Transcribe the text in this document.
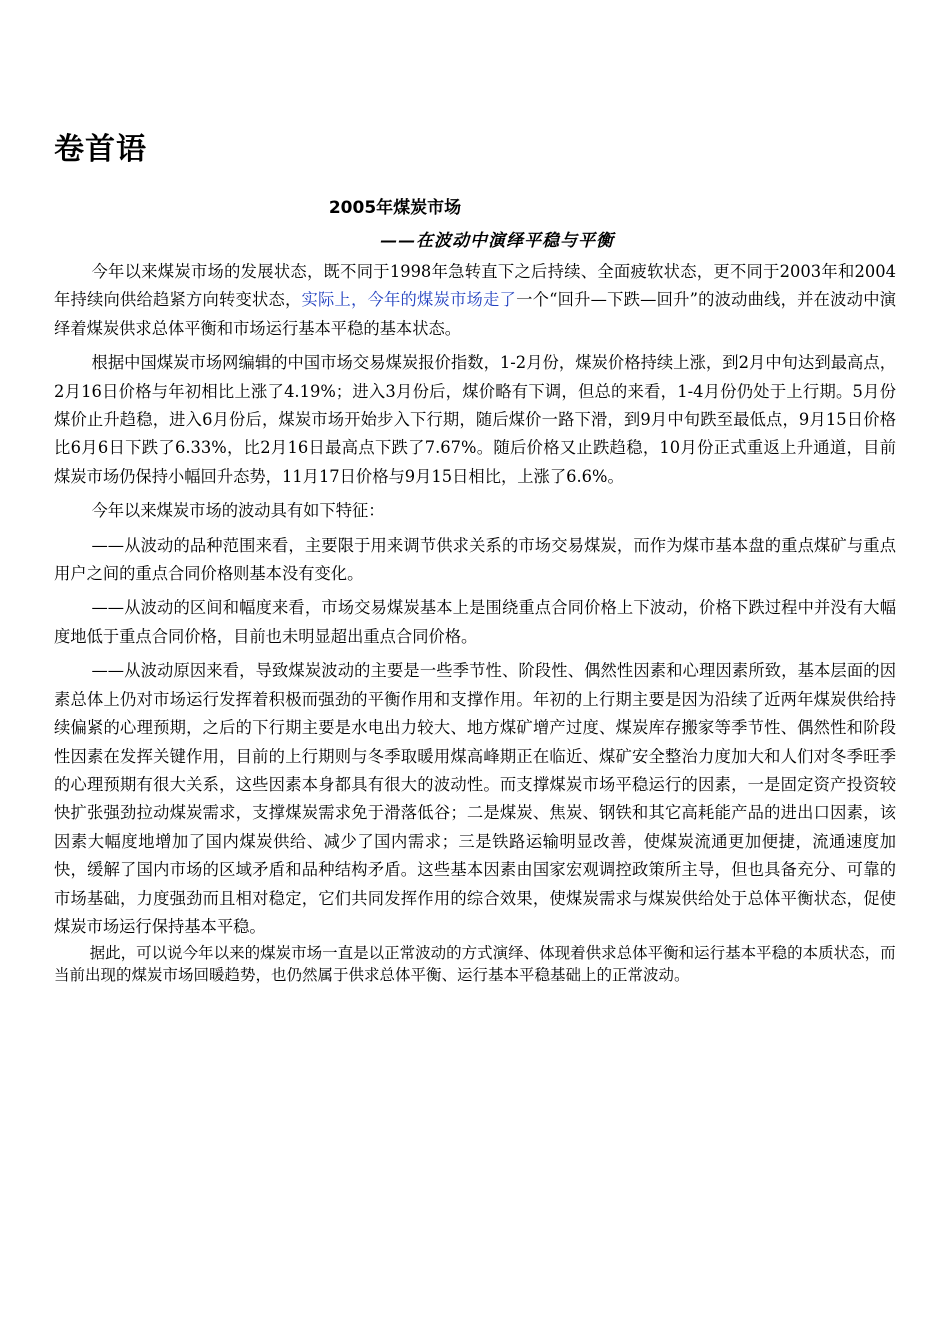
卷首语
2005年煤炭市场
——在波动中演绎平稳与平衡

今年以来煤炭市场的发展状态，既不同于1998年急转直下之后持续、全面疲软状态，更不同于2003年和2004年持续向供给趋紧方向转变状态，实际上，今年的煤炭市场走了一个“回升—下跌—回升”的波动曲线，并在波动中演绎着煤炭供求总体平衡和市场运行基本平稳的基本状态。

根据中国煤炭市场网编辑的中国市场交易煤炭报价指数，1-2月份，煤炭价格持续上涨，到2月中旬达到最高点，2月16日价格与年初相比上涨了4.19%；进入3月份后，煤价略有下调，但总的来看，1-4月份仍处于上行期。5月份煤价止升趋稳，进入6月份后，煤炭市场开始步入下行期，随后煤价一路下滑，到9月中旬跌至最低点，9月15日价格比6月6日下跌了6.33%，比2月16日最高点下跌了7.67%。随后价格又止跌趋稳，10月份正式重返上升通道，目前煤炭市场仍保持小幅回升态势，11月17日价格与9月15日相比，上涨了6.6%。

今年以来煤炭市场的波动具有如下特征：

——从波动的品种范围来看，主要限于用来调节供求关系的市场交易煤炭，而作为煤市基本盘的重点煤矿与重点用户之间的重点合同价格则基本没有变化。

——从波动的区间和幅度来看，市场交易煤炭基本上是围绕重点合同价格上下波动，价格下跌过程中并没有大幅度地低于重点合同价格，目前也未明显超出重点合同价格。

——从波动原因来看，导致煤炭波动的主要是一些季节性、阶段性、偶然性因素和心理因素所致，基本层面的因素总体上仍对市场运行发挥着积极而强劲的平衡作用和支撑作用。年初的上行期主要是因为沿续了近两年煤炭供给持续偏紧的心理预期，之后的下行期主要是水电出力较大、地方煤矿增产过度、煤炭库存搬家等季节性、偶然性和阶段性因素在发挥关键作用，目前的上行期则与冬季取暖用煤高峰期正在临近、煤矿安全整治力度加大和人们对冬季旺季的心理预期有很大关系，这些因素本身都具有很大的波动性。而支撑煤炭市场平稳运行的因素，一是固定资产投资较快扩张强劲拉动煤炭需求，支撑煤炭需求免于滑落低谷；二是煤炭、焦炭、钢铁和其它高耗能产品的进出口因素，该因素大幅度地增加了国内煤炭供给、减少了国内需求；三是铁路运输明显改善，使煤炭流通更加便捷，流通速度加快，缓解了国内市场的区域矛盾和品种结构矛盾。这些基本因素由国家宏观调控政策所主导，但也具备充分、可靠的市场基础，力度强劲而且相对稳定，它们共同发挥作用的综合效果，使煤炭需求与煤炭供给处于总体平衡状态，促使煤炭市场运行保持基本平稳。

据此，可以说今年以来的煤炭市场一直是以正常波动的方式演绎、体现着供求总体平衡和运行基本平稳的本质状态，而当前出现的煤炭市场回暖趋势，也仍然属于供求总体平衡、运行基本平稳基础上的正常波动。
